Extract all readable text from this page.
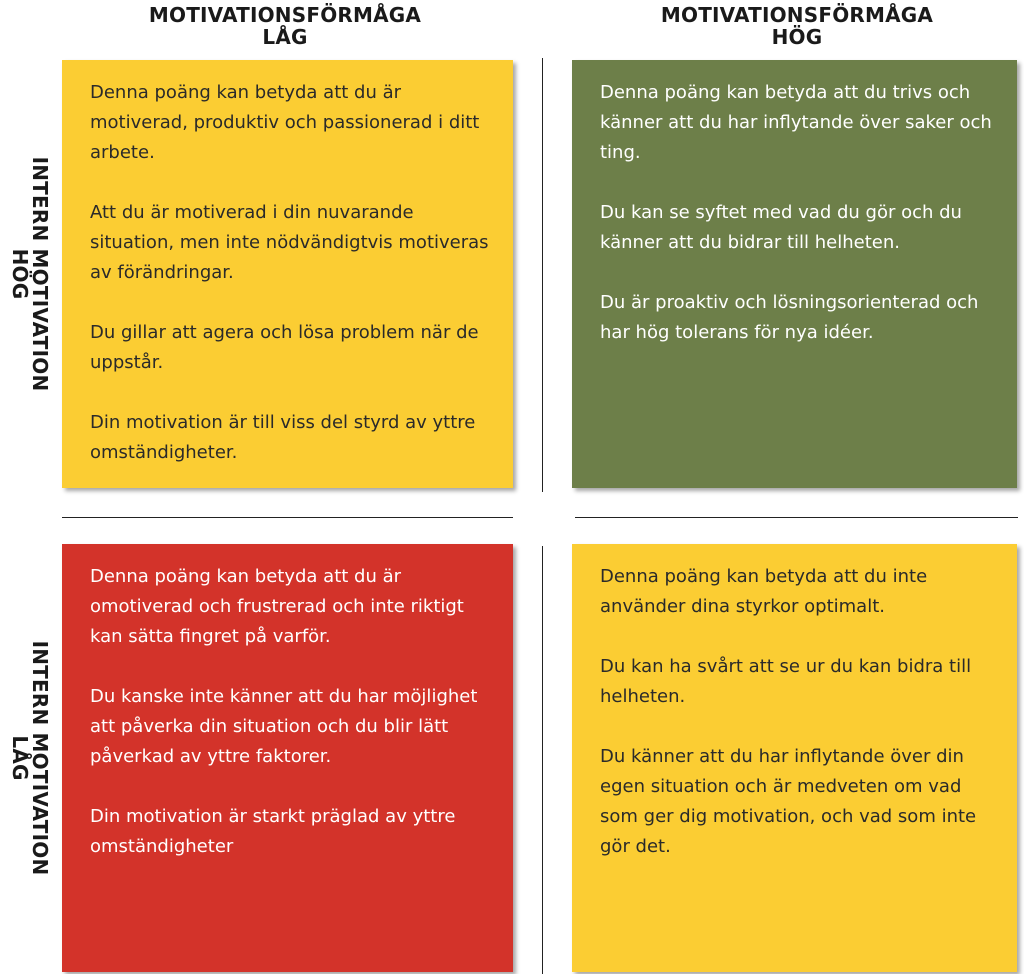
MOTIVATIONSFÖRMÅGA
LÅG
MOTIVATIONSFÖRMÅGA
HÖG
INTERN MOTIVATION
HÖG
INTERN MOTIVATION
LÅG

Denna poäng kan betyda att du är motiverad, produktiv och passionerad i ditt arbete.

Att du är motiverad i din nuvarande situation, men inte nödvändigtvis motiveras av förändringar.

Du gillar att agera och lösa problem när de uppstår.

Din motivation är till viss del styrd av yttre omständigheter.

Denna poäng kan betyda att du trivs och känner att du har inflytande över saker och ting.

Du kan se syftet med vad du gör och du känner att du bidrar till helheten.

Du är proaktiv och lösningsorienterad och har hög tolerans för nya idéer.

Denna poäng kan betyda att du är omotiverad och frustrerad och inte riktigt kan sätta fingret på varför.

Du kanske inte känner att du har möjlighet att påverka din situation och du blir lätt påverkad av yttre faktorer.

Din motivation är starkt präglad av yttre omständigheter

Denna poäng kan betyda att du inte använder dina styrkor optimalt.

Du kan ha svårt att se ur du kan bidra till helheten.

Du känner att du har inflytande över din egen situation och är medveten om vad som ger dig motivation, och vad som inte gör det.
